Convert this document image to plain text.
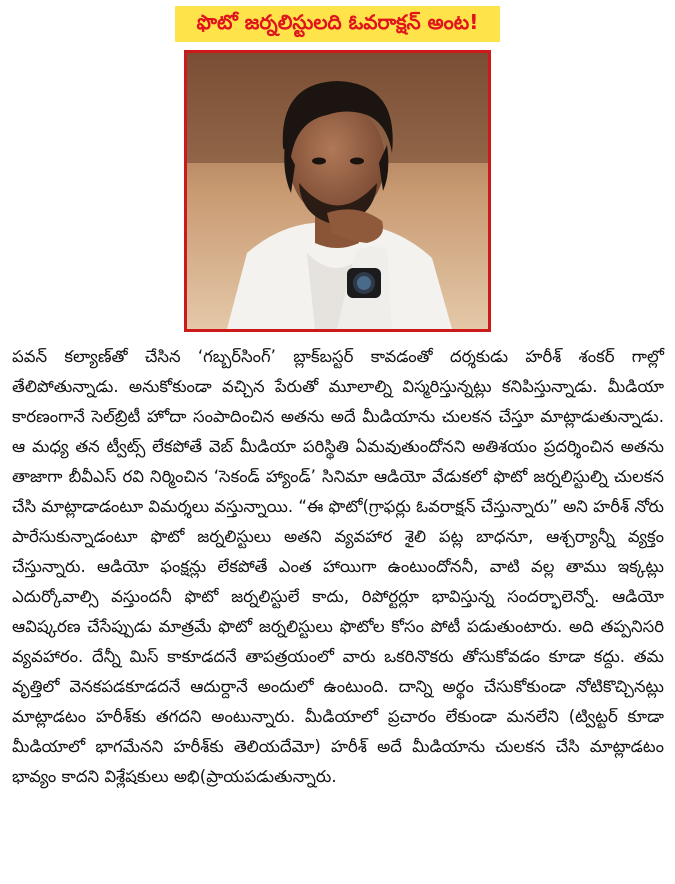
ఫొటో జర్నలిస్టులది ఓవరాక్షన్ అంట!

పవన్ కల్యాణ్‌తో చేసిన ‘గబ్బర్‌సింగ్’ బ్లాక్‌బస్టర్ కావడంతో దర్శకుడు హరీశ్ శంకర్ గాల్లో తేలిపోతున్నాడు. అనుకోకుండా వచ్చిన పేరుతో మూలాల్ని విస్మరిస్తున్నట్లు కనిపిస్తున్నాడు. మీడియా కారణంగానే సెల్‌బ్రిటీ హోదా సంపాదించిన అతను అదే మీడియాను చులకన చేస్తూ మాట్లాడుతున్నాడు. ఆ మధ్య తన ట్వీట్స్ లేకపోతే వెబ్ మీడియా పరిస్థితి ఏమవుతుందోనని అతిశయం ప్రదర్శించిన అతను తాజాగా బీవీఎస్ రవి నిర్మించిన ‘సెకండ్ హ్యాండ్’ సినిమా ఆడియో వేడుకలో ఫొటో జర్నలిస్టుల్ని చులకన చేసి మాట్లాడాడంటూ విమర్శలు వస్తున్నాయి. “ఈ ఫొటో(గ్రాఫర్లు ఓవరాక్షన్ చేస్తున్నారు” అని హరీశ్ నోరు పారేసుకున్నాడంటూ ఫొటో జర్నలిస్టులు అతని వ్యవహార శైలి పట్ల బాధనూ, ఆశ్చర్యాన్నీ వ్యక్తం చేస్తున్నారు. ఆడియో ఫంక్షన్లు లేకపోతే ఎంత హాయిగా ఉంటుందోననీ, వాటి వల్ల తాము ఇక్కట్లు ఎదుర్కోవాల్సి వస్తుందనీ ఫొటో జర్నలిస్టులే కాదు, రిపోర్టర్లూ భావిస్తున్న సందర్భాలెన్నో. ఆడియో ఆవిష్కరణ చేసేప్పుడు మాత్రమే ఫొటో జర్నలిస్టులు ఫొటోల కోసం పోటీ పడుతుంటారు. అది తప్పనిసరి వ్యవహారం. దేన్నీ మిస్ కాకూడదనే తాపత్రయంలో వారు ఒకరినొకరు తోసుకోవడం కూడా కద్దు. తమ వృత్తిలో వెనకపడకూడదనే ఆదుర్దానే అందులో ఉంటుంది. దాన్ని అర్థం చేసుకోకుండా నోటికొచ్చినట్లు మాట్లాడటం హరీశ్‌కు తగదని అంటున్నారు. మీడియాలో ప్రచారం లేకుండా మనలేని (ట్విట్టర్ కూడా మీడియాలో భాగమేనని హరీశ్‌కు తెలియదేమో) హరీశ్ అదే మీడియాను చులకన చేసి మాట్లాడటం భావ్యం కాదని విశ్లేషకులు అభి(ప్రాయపడుతున్నారు.
